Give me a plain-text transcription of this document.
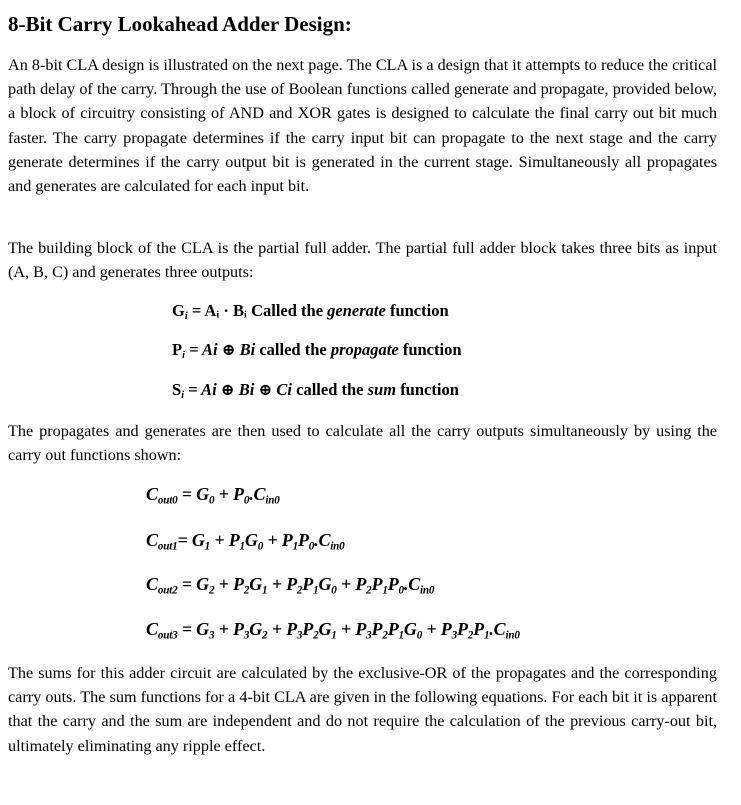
8-Bit Carry Lookahead Adder Design:

An 8-bit CLA design is illustrated on the next page. The CLA is a design that it attempts to reduce the critical path delay of the carry. Through the use of Boolean functions called generate and propagate, provided below, a block of circuitry consisting of AND and XOR gates is designed to calculate the final carry out bit much faster. The carry propagate determines if the carry input bit can propagate to the next stage and the carry generate determines if the carry output bit is generated in the current stage. Simultaneously all propagates and generates are calculated for each input bit.

The building block of the CLA is the partial full adder. The partial full adder block takes three bits as input (A, B, C) and generates three outputs:

$G_i$ = Aᵢ · Bᵢ Called the generate function
$P_i = Ai$ ⊕ Bi called the propagate function
$S_i = Ai$ ⊕ Bi ⊕ Ci called the sum function

The propagates and generates are then used to calculate all the carry outputs simultaneously by using the carry out functions shown:

$C_{out0} = G_0 + P_0.C_{in0}$
$C_{out1}= G_1 + P_1G_0 + P_1P_0.C_{in0}$
$C_{out2} = G_2 + P_2G_1 + P_2P_1G_0 + P_2P_1P_0.C_{in0}$
$C_{out3} = G_3 + P_3G_2 + P_3P_2G_1 + P_3P_2P_1G_0 + P_3P_2P_1.C_{in0}$

The sums for this adder circuit are calculated by the exclusive-OR of the propagates and the corresponding carry outs. The sum functions for a 4-bit CLA are given in the following equations. For each bit it is apparent that the carry and the sum are independent and do not require the calculation of the previous carry-out bit, ultimately eliminating any ripple effect.
